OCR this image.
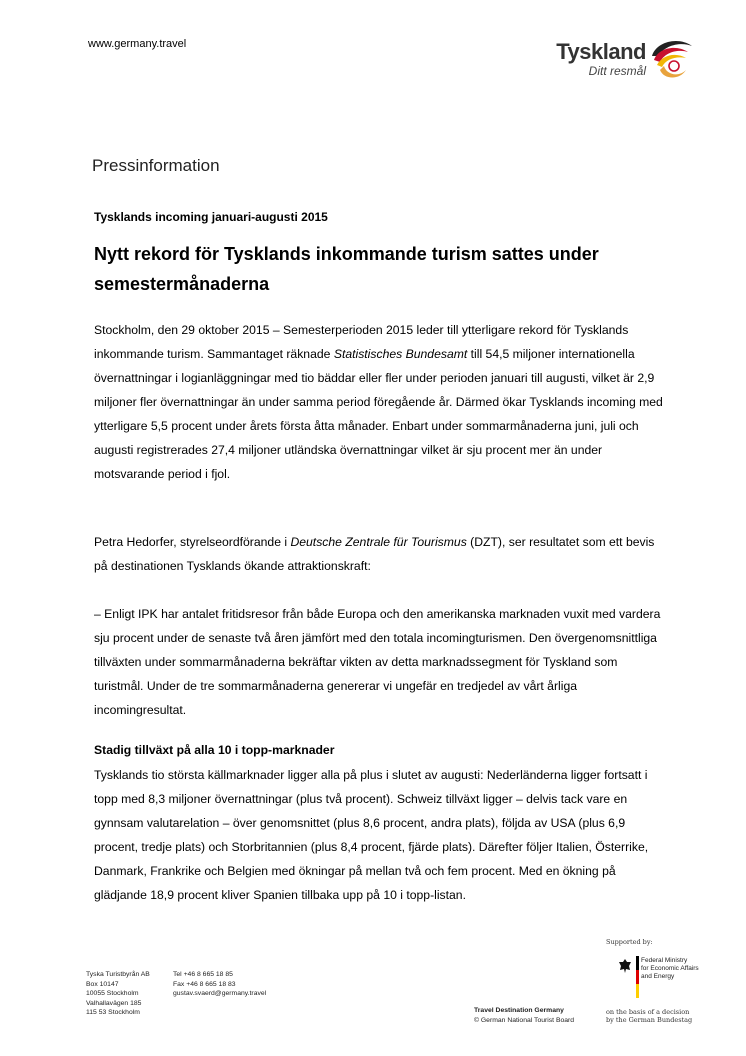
www.germany.travel	Tyskland
Ditt resmål
Pressinformation
Tysklands incoming januari-augusti 2015
Nytt rekord för Tysklands inkommande turism sattes under semestermånaderna
Stockholm, den 29 oktober 2015 – Semesterperioden 2015 leder till ytterligare rekord för Tysklands inkommande turism. Sammantaget räknade Statistisches Bundesamt till 54,5 miljoner internationella övernattningar i logianläggningar med tio bäddar eller fler under perioden januari till augusti, vilket är 2,9 miljoner fler övernattningar än under samma period föregående år. Därmed ökar Tysklands incoming med ytterligare 5,5 procent under årets första åtta månader. Enbart under sommarmånaderna juni, juli och augusti registrerades 27,4 miljoner utländska övernattningar vilket är sju procent mer än under motsvarande period i fjol.
Petra Hedorfer, styrelseordförande i Deutsche Zentrale für Tourismus (DZT), ser resultatet som ett bevis på destinationen Tysklands ökande attraktionskraft:
– Enligt IPK har antalet fritidsresor från både Europa och den amerikanska marknaden vuxit med vardera sju procent under de senaste två åren jämfört med den totala incomingturismen. Den övergenomsnittliga tillväxten under sommarmånaderna bekräftar vikten av detta marknadssegment för Tyskland som turistmål. Under de tre sommarmånaderna genererar vi ungefär en tredjedel av vårt årliga incomingresultat.
Stadig tillväxt på alla 10 i topp-marknader
Tysklands tio största källmarknader ligger alla på plus i slutet av augusti: Nederländerna ligger fortsatt i topp med 8,3 miljoner övernattningar (plus två procent). Schweiz tillväxt ligger – delvis tack vare en gynnsam valutarelation – över genomsnittet (plus 8,6 procent, andra plats), följda av USA (plus 6,9 procent, tredje plats) och Storbritannien (plus 8,4 procent, fjärde plats). Därefter följer Italien, Österrike, Danmark, Frankrike och Belgien med ökningar på mellan två och fem procent. Med en ökning på glädjande 18,9 procent kliver Spanien tillbaka upp på 10 i topp-listan.
Tyska Turistbyrån AB
Box 10147
10055 Stockholm
Valhallavägen 185
115 53 Stockholm
Tel +46 8 665 18 85
Fax +46 8 665 18 83
gustav.svaerd@germany.travel
Travel Destination Germany
© German National Tourist Board
Supported by:
Federal Ministry
for Economic Affairs
and Energy
on the basis of a decision
by the German Bundestag
